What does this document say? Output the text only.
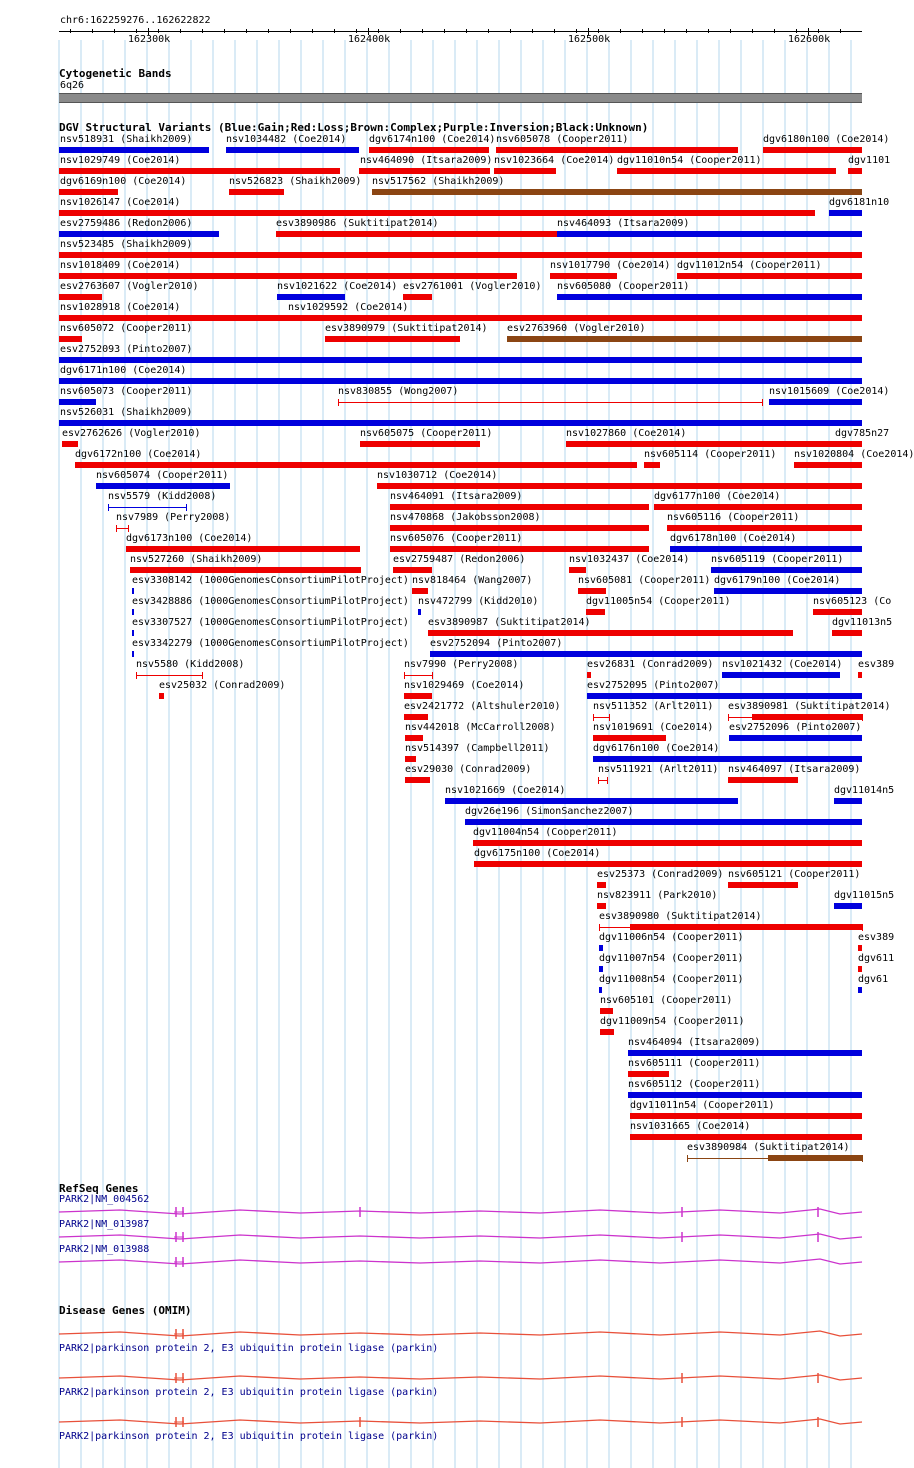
chr6:162259276..162622822
162300k	162400k	162500k	162600k
Cytogenetic Bands
6q26
DGV Structural Variants (Blue:Gain;Red:Loss;Brown:Complex;Purple:Inversion;Black:Unknown)
nsv518931 (Shaikh2009)	nsv1034482 (Coe2014) dgv6174n100 (Coe2014) nsv605078 (Cooper2011)	dgv6180n100 (Coe2014)
nsv1029749 (Coe2014)	nsv464090 (Itsara2009) nsv1023664 (Coe2014) dgv11010n54 (Cooper2011)	dgv1101
dgv6169n100 (Coe2014)	nsv526823 (Shaikh2009) nsv517562 (Shaikh2009)
nsv1026147 (Coe2014)	dgv6181n10
esv2759486 (Redon2006)	esv3890986 (Suktitipat2014)	nsv464093 (Itsara2009)
nsv523485 (Shaikh2009)
nsv1018409 (Coe2014)	nsv1017790 (Coe2014) dgv11012n54 (Cooper2011)
esv2763607 (Vogler2010)	nsv1021622 (Coe2014) esv2761001 (Vogler2010) nsv605080 (Cooper2011)
nsv1028918 (Coe2014)	nsv1029592 (Coe2014)
nsv605072 (Cooper2011)	esv3890979 (Suktitipat2014) esv2763960 (Vogler2010)
esv2752093 (Pinto2007)
dgv6171n100 (Coe2014)
nsv605073 (Cooper2011)	nsv830855 (Wong2007)	nsv1015609 (Coe2014)
nsv526031 (Shaikh2009)
esv2762626 (Vogler2010)	nsv605075 (Cooper2011)	nsv1027860 (Coe2014)	dgv785n27
dgv6172n100 (Coe2014)	nsv605114 (Cooper2011) nsv1020804 (Coe2014)
nsv605074 (Cooper2011)	nsv1030712 (Coe2014)
nsv5579 (Kidd2008)	nsv464091 (Itsara2009)	dgv6177n100 (Coe2014)
nsv7989 (Perry2008)	nsv470868 (Jakobsson2008)	nsv605116 (Cooper2011)
dgv6173n100 (Coe2014)	nsv605076 (Cooper2011)	dgv6178n100 (Coe2014)
nsv527260 (Shaikh2009)	esv2759487 (Redon2006)	nsv1032437 (Coe2014) nsv605119 (Cooper2011)
esv3308142 (1000GenomesConsortiumPilotProject) nsv818464 (Wang2007)	nsv605081 (Cooper2011) dgv6179n100 (Coe2014)
esv3428886 (1000GenomesConsortiumPilotProject) nsv472799 (Kidd2010)	dgv11005n54 (Cooper2011)	nsv605123 (Co
esv3307527 (1000GenomesConsortiumPilotProject) esv3890987 (Suktitipat2014)	dgv11013n5
esv3342279 (1000GenomesConsortiumPilotProject) esv2752094 (Pinto2007)
nsv5580 (Kidd2008)	nsv7990 (Perry2008)	esv26831 (Conrad2009) nsv1021432 (Coe2014) esv389
esv25032 (Conrad2009)	nsv1029469 (Coe2014)	esv2752095 (Pinto2007)
esv2421772 (Altshuler2010)	nsv511352 (Arlt2011) esv3890981 (Suktitipat2014)
nsv442018 (McCarroll2008)	nsv1019691 (Coe2014) esv2752096 (Pinto2007)
nsv514397 (Campbell2011)	dgv6176n100 (Coe2014)
esv29030 (Conrad2009)	nsv511921 (Arlt2011) nsv464097 (Itsara2009)
nsv1021669 (Coe2014)	dgv11014n5
dgv26e196 (SimonSanchez2007)
dgv11004n54 (Cooper2011)
dgv6175n100 (Coe2014)
esv25373 (Conrad2009) nsv605121 (Cooper2011)
nsv823911 (Park2010)	dgv11015n5
esv3890980 (Suktitipat2014)
dgv11006n54 (Cooper2011)	esv389
dgv11007n54 (Cooper2011)	dgv611
dgv11008n54 (Cooper2011)	dgv61
nsv605101 (Cooper2011)
dgv11009n54 (Cooper2011)
nsv464094 (Itsara2009)
nsv605111 (Cooper2011)
nsv605112 (Cooper2011)
dgv11011n54 (Cooper2011)
nsv1031665 (Coe2014)
esv3890984 (Suktitipat2014)
RefSeq Genes
PARK2|NM_004562
PARK2|NM_013987
PARK2|NM_013988
Disease Genes (OMIM)
PARK2|parkinson protein 2, E3 ubiquitin protein ligase (parkin)
PARK2|parkinson protein 2, E3 ubiquitin protein ligase (parkin)
PARK2|parkinson protein 2, E3 ubiquitin protein ligase (parkin)
